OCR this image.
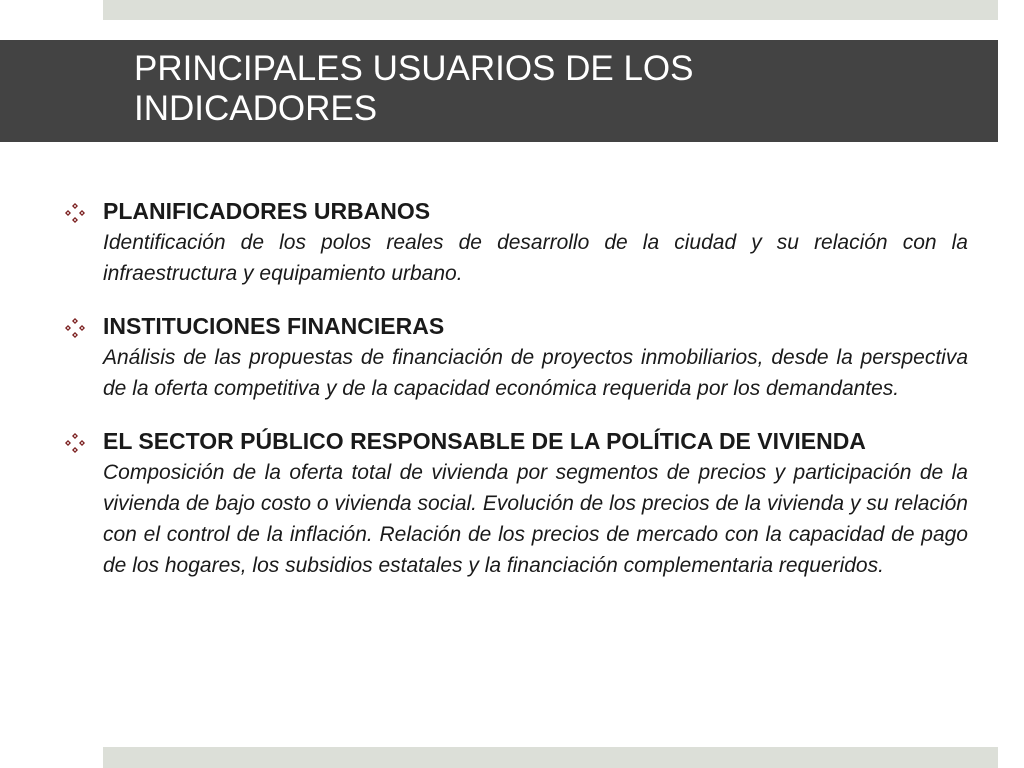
PRINCIPALES USUARIOS DE LOS INDICADORES

PLANIFICADORES URBANOS

Identificación de los polos reales de desarrollo de la ciudad y su relación con la infraestructura y equipamiento urbano.

INSTITUCIONES FINANCIERAS

Análisis de las propuestas de financiación de proyectos inmobiliarios, desde la perspectiva de la oferta competitiva y de la capacidad económica requerida por los demandantes.

EL SECTOR PÚBLICO RESPONSABLE DE LA POLÍTICA DE VIVIENDA

Composición de la oferta total de vivienda por segmentos de precios y participación de la vivienda de bajo costo o vivienda social. Evolución de los precios de la vivienda y su relación con el control de la inflación. Relación de los precios de mercado con la capacidad de pago de los hogares, los subsidios estatales y la financiación complementaria requeridos.
